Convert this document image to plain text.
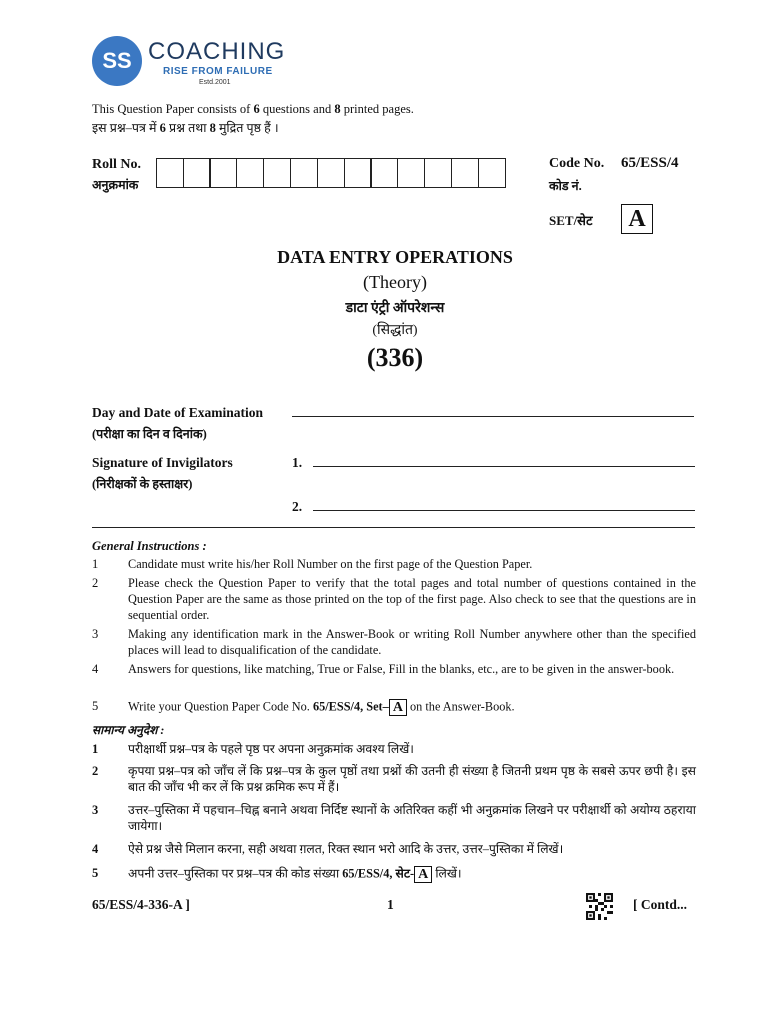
SS COACHING
RISE FROM FAILURE
Estd.2001
This Question Paper consists of 6 questions and 8 printed pages.
इस प्रश्न–पत्र में 6 प्रश्न तथा 8 मुद्रित पृष्ठ हैं ।
Roll No.
अनुक्रमांक
Code No. 65/ESS/4
कोड नं.
SET/सेट	A
DATA ENTRY OPERATIONS
(Theory)
डाटा एंट्री ऑपरेशन्स
(सिद्धांत)
(336)
Day and Date of Examination
(परीक्षा का दिन व दिनांक)
Signature of Invigilators
(निरीक्षकों के हस्ताक्षर)
1.
2.
General Instructions :
1 Candidate must write his/her Roll Number on the first page of the Question Paper.
2 Please check the Question Paper to verify that the total pages and total number of questions contained in the Question Paper are the same as those printed on the top of the first page. Also check to see that the questions are in sequential order.
3 Making any identification mark in the Answer-Book or writing Roll Number anywhere other than the specified places will lead to disqualification of the candidate.
4 Answers for questions, like matching, True or False, Fill in the blanks, etc., are to be given in the answer-book.
5 Write your Question Paper Code No. 65/ESS/4, Set– A on the Answer-Book.
सामान्य अनुदेश :
1 परीक्षार्थी प्रश्न–पत्र के पहले पृष्ठ पर अपना अनुक्रमांक अवश्य लिखें।
2 कृपया प्रश्न–पत्र को जाँच लें कि प्रश्न–पत्र के कुल पृष्ठों तथा प्रश्नों की उतनी ही संख्या है जितनी प्रथम पृष्ठ के सबसे ऊपर छपी है। इस बात की जाँच भी कर लें कि प्रश्न क्रमिक रूप में हैं।
3 उत्तर–पुस्तिका में पहचान–चिह्न बनाने अथवा निर्दिष्ट स्थानों के अतिरिक्त कहीं भी अनुक्रमांक लिखने पर परीक्षार्थी को अयोग्य ठहराया जायेगा।
4 ऐसे प्रश्न जैसे मिलान करना, सही अथवा ग़लत, रिक्त स्थान भरो आदि के उत्तर, उत्तर–पुस्तिका में लिखें।
5 अपनी उत्तर–पुस्तिका पर प्रश्न–पत्र की कोड संख्या 65/ESS/4, सेट- A लिखें।
65/ESS/4-336-A ]	1	[ Contd...
